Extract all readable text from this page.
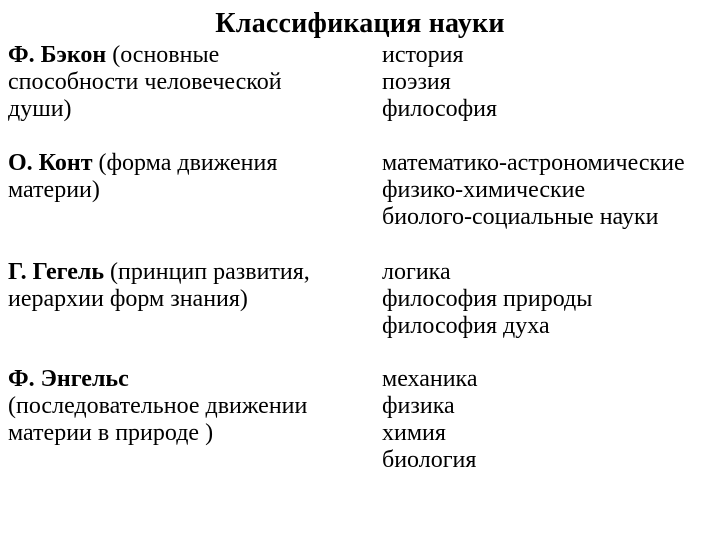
Классификация науки
Ф. Бэкон (основные
способности человеческой
души)
история
поэзия
философия
О. Конт (форма движения
материи)
математико-астрономические
физико-химические
биолого-социальные науки
Г. Гегель (принцип развития,
иерархии форм знания)
логика
философия природы
философия духа
Ф. Энгельс
(последовательное движении
материи в природе )
механика
физика
химия
биология
